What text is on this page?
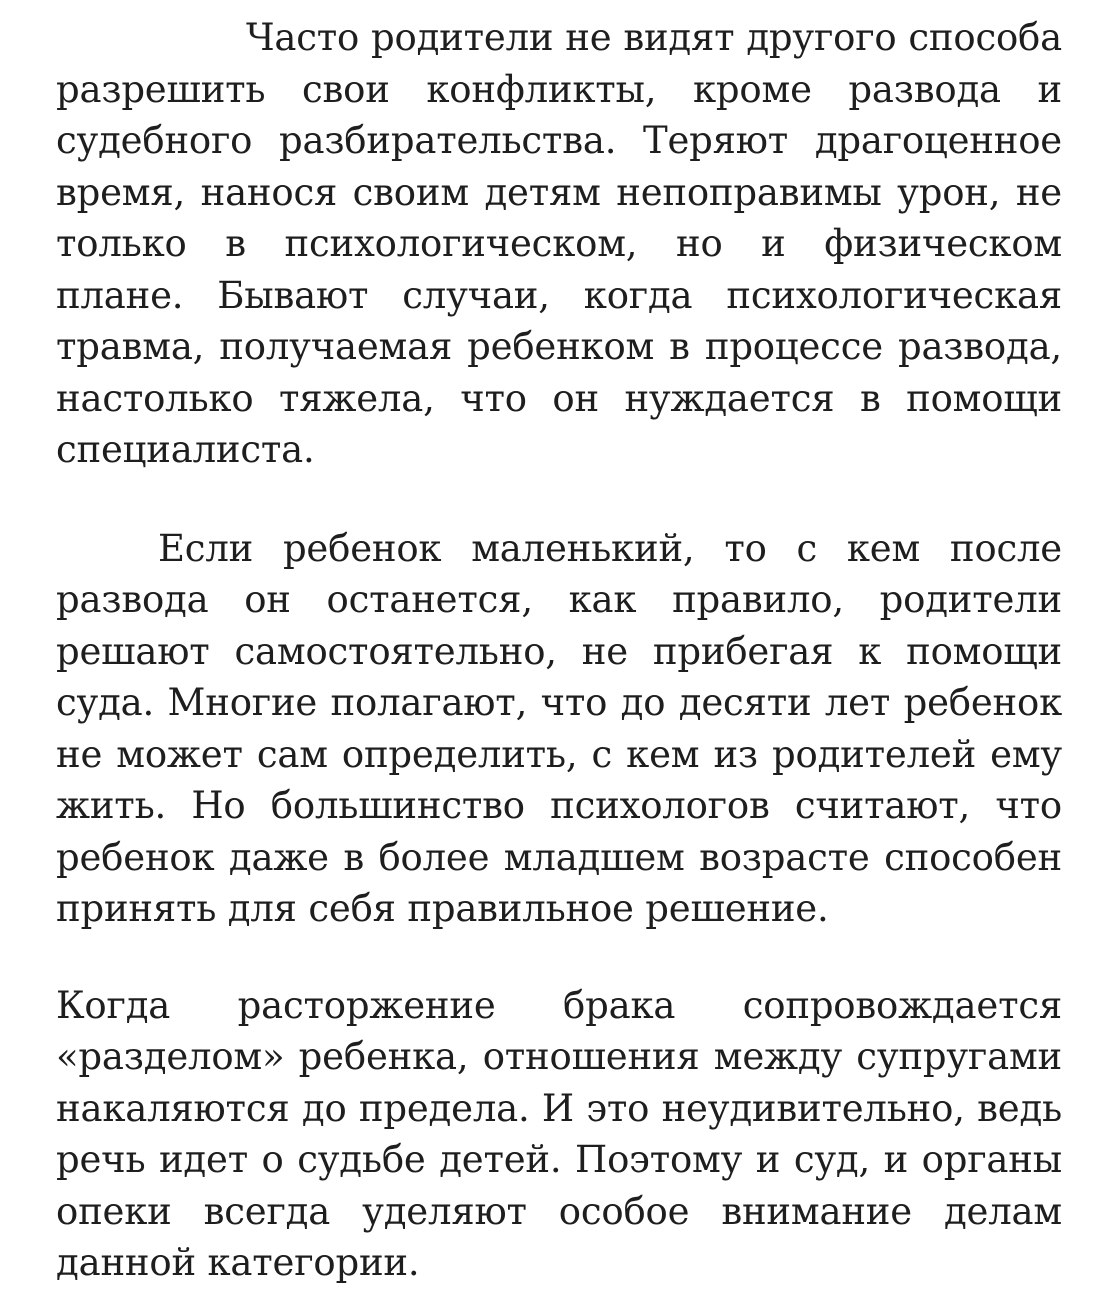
Часто родители не видят другого способа разрешить свои конфликты, кроме развода и судебного разбирательства. Теряют драгоценное время, нанося своим детям непоправимы урон, не только в психологическом, но и физическом плане. Бывают случаи, когда психологическая травма, получаемая ребенком в процессе развода, настолько тяжела, что он нуждается в помощи специалиста.

Если ребенок маленький, то с кем после развода он останется, как правило, родители решают самостоятельно, не прибегая к помощи суда. Многие полагают, что до десяти лет ребенок не может сам определить, с кем из родителей ему жить. Но большинство психологов считают, что ребенок даже в более младшем возрасте способен принять для себя правильное решение.

Когда расторжение брака сопровождается «разделом» ребенка, отношения между супругами накаляются до предела. И это неудивительно, ведь речь идет о судьбе детей. Поэтому и суд, и органы опеки всегда уделяют особое внимание делам данной категории.
